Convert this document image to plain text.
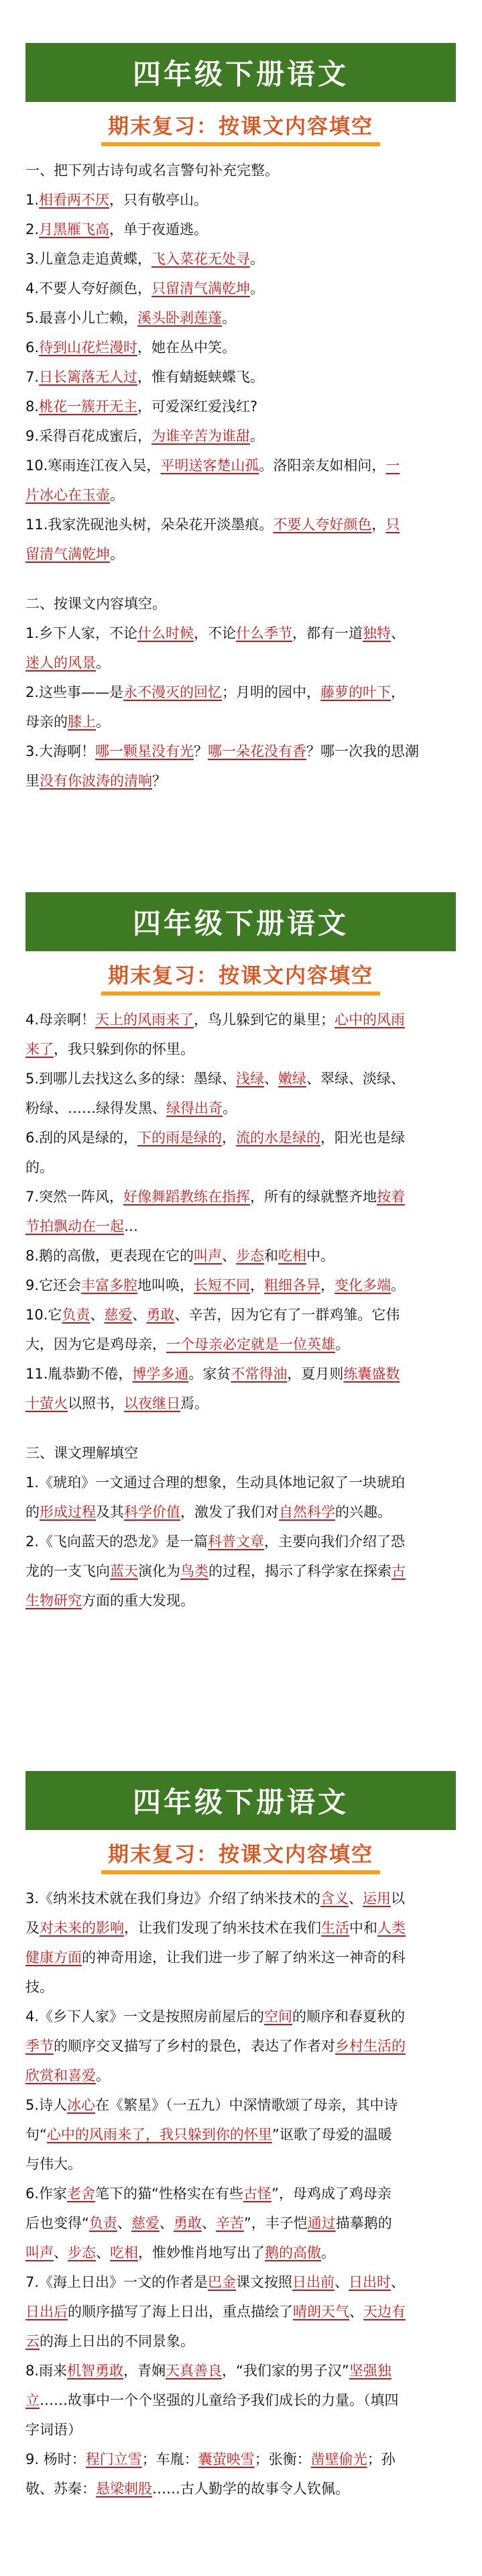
四年级下册语文
期末复习：按课文内容填空
一、把下列古诗句或名言警句补充完整。
1.相看两不厌，只有敬亭山。
2.月黑雁飞高，单于夜遁逃。
3.儿童急走追黄蝶，飞入菜花无处寻。
4.不要人夸好颜色，只留清气满乾坤。
5.最喜小儿亡赖，溪头卧剥莲蓬。
6.待到山花烂漫时，她在丛中笑。
7.日长篱落无人过，惟有蜻蜓蛱蝶飞。
8.桃花一簇开无主，可爱深红爱浅红?
9.采得百花成蜜后，为谁辛苦为谁甜。
10.寒雨连江夜入吴，平明送客楚山孤。洛阳亲友如相问，一
片冰心在玉壶。
11.我家洗砚池头树，朵朵花开淡墨痕。不要人夸好颜色，只
留清气满乾坤。
二、按课文内容填空。
1.乡下人家，不论什么时候，不论什么季节，都有一道独特、
迷人的风景。
2.这些事——是永不漫灭的回忆；月明的园中，藤萝的叶下，
母亲的膝上。
3.大海啊！哪一颗星没有光？哪一朵花没有香？哪一次我的思潮
里没有你波涛的清响？
四年级下册语文
期末复习：按课文内容填空
4.母亲啊！天上的风雨来了，鸟儿躲到它的巢里；心中的风雨
来了，我只躲到你的怀里。
5.到哪儿去找这么多的绿：墨绿、浅绿、嫩绿、翠绿、淡绿、
粉绿、……绿得发黑、绿得出奇。
6.刮的风是绿的，下的雨是绿的，流的水是绿的，阳光也是绿
的。
7.突然一阵风，好像舞蹈教练在指挥，所有的绿就整齐地按着
节拍飘动在一起…
8.鹅的高傲，更表现在它的叫声、步态和吃相中。
9.它还会丰富多腔地叫唤，长短不同，粗细各异，变化多端。
10.它负责、慈爱、勇敢、辛苦，因为它有了一群鸡雏。它伟
大，因为它是鸡母亲，一个母亲必定就是一位英雄。
11.胤恭勤不倦，博学多通。家贫不常得油，夏月则练囊盛数
十萤火以照书，以夜继日焉。
三、课文理解填空
1.《琥珀》一文通过合理的想象，生动具体地记叙了一块琥珀
的形成过程及其科学价值，激发了我们对自然科学的兴趣。
2.《飞向蓝天的恐龙》是一篇科普文章，主要向我们介绍了恐
龙的一支飞向蓝天演化为鸟类的过程，揭示了科学家在探索古
生物研究方面的重大发现。
四年级下册语文
期末复习：按课文内容填空
3.《纳米技术就在我们身边》介绍了纳米技术的含义、运用以
及对未来的影响，让我们发现了纳米技术在我们生活中和人类
健康方面的神奇用途，让我们进一步了解了纳米这一神奇的科
技。
4.《乡下人家》一文是按照房前屋后的空间的顺序和春夏秋的
季节的顺序交叉描写了乡村的景色，表达了作者对乡村生活的
欣赏和喜爱。
5.诗人冰心在《繁星》（一五九）中深情歌颂了母亲，其中诗
句“心中的风雨来了，我只躲到你的怀里”讴歌了母爱的温暖
与伟大。
6.作家老舍笔下的猫“性格实在有些古怪”，母鸡成了鸡母亲
后也变得“负责、慈爱、勇敢、辛苦”，丰子恺通过描摹鹅的
叫声、步态、吃相，惟妙惟肖地写出了鹅的高傲。
7.《海上日出》一文的作者是巴金课文按照日出前、日出时、
日出后的顺序描写了海上日出，重点描绘了晴朗天气、天边有
云的海上日出的不同景象。
8.雨来机智勇敢，青娴天真善良，“我们家的男子汉”坚强独
立……故事中一个个坚强的儿童给予我们成长的力量。（填四
字词语）
9. 杨时：程门立雪；车胤：囊萤映雪；张衡：凿壁偷光；孙
敬、苏秦：悬梁刺股……古人勤学的故事令人钦佩。
